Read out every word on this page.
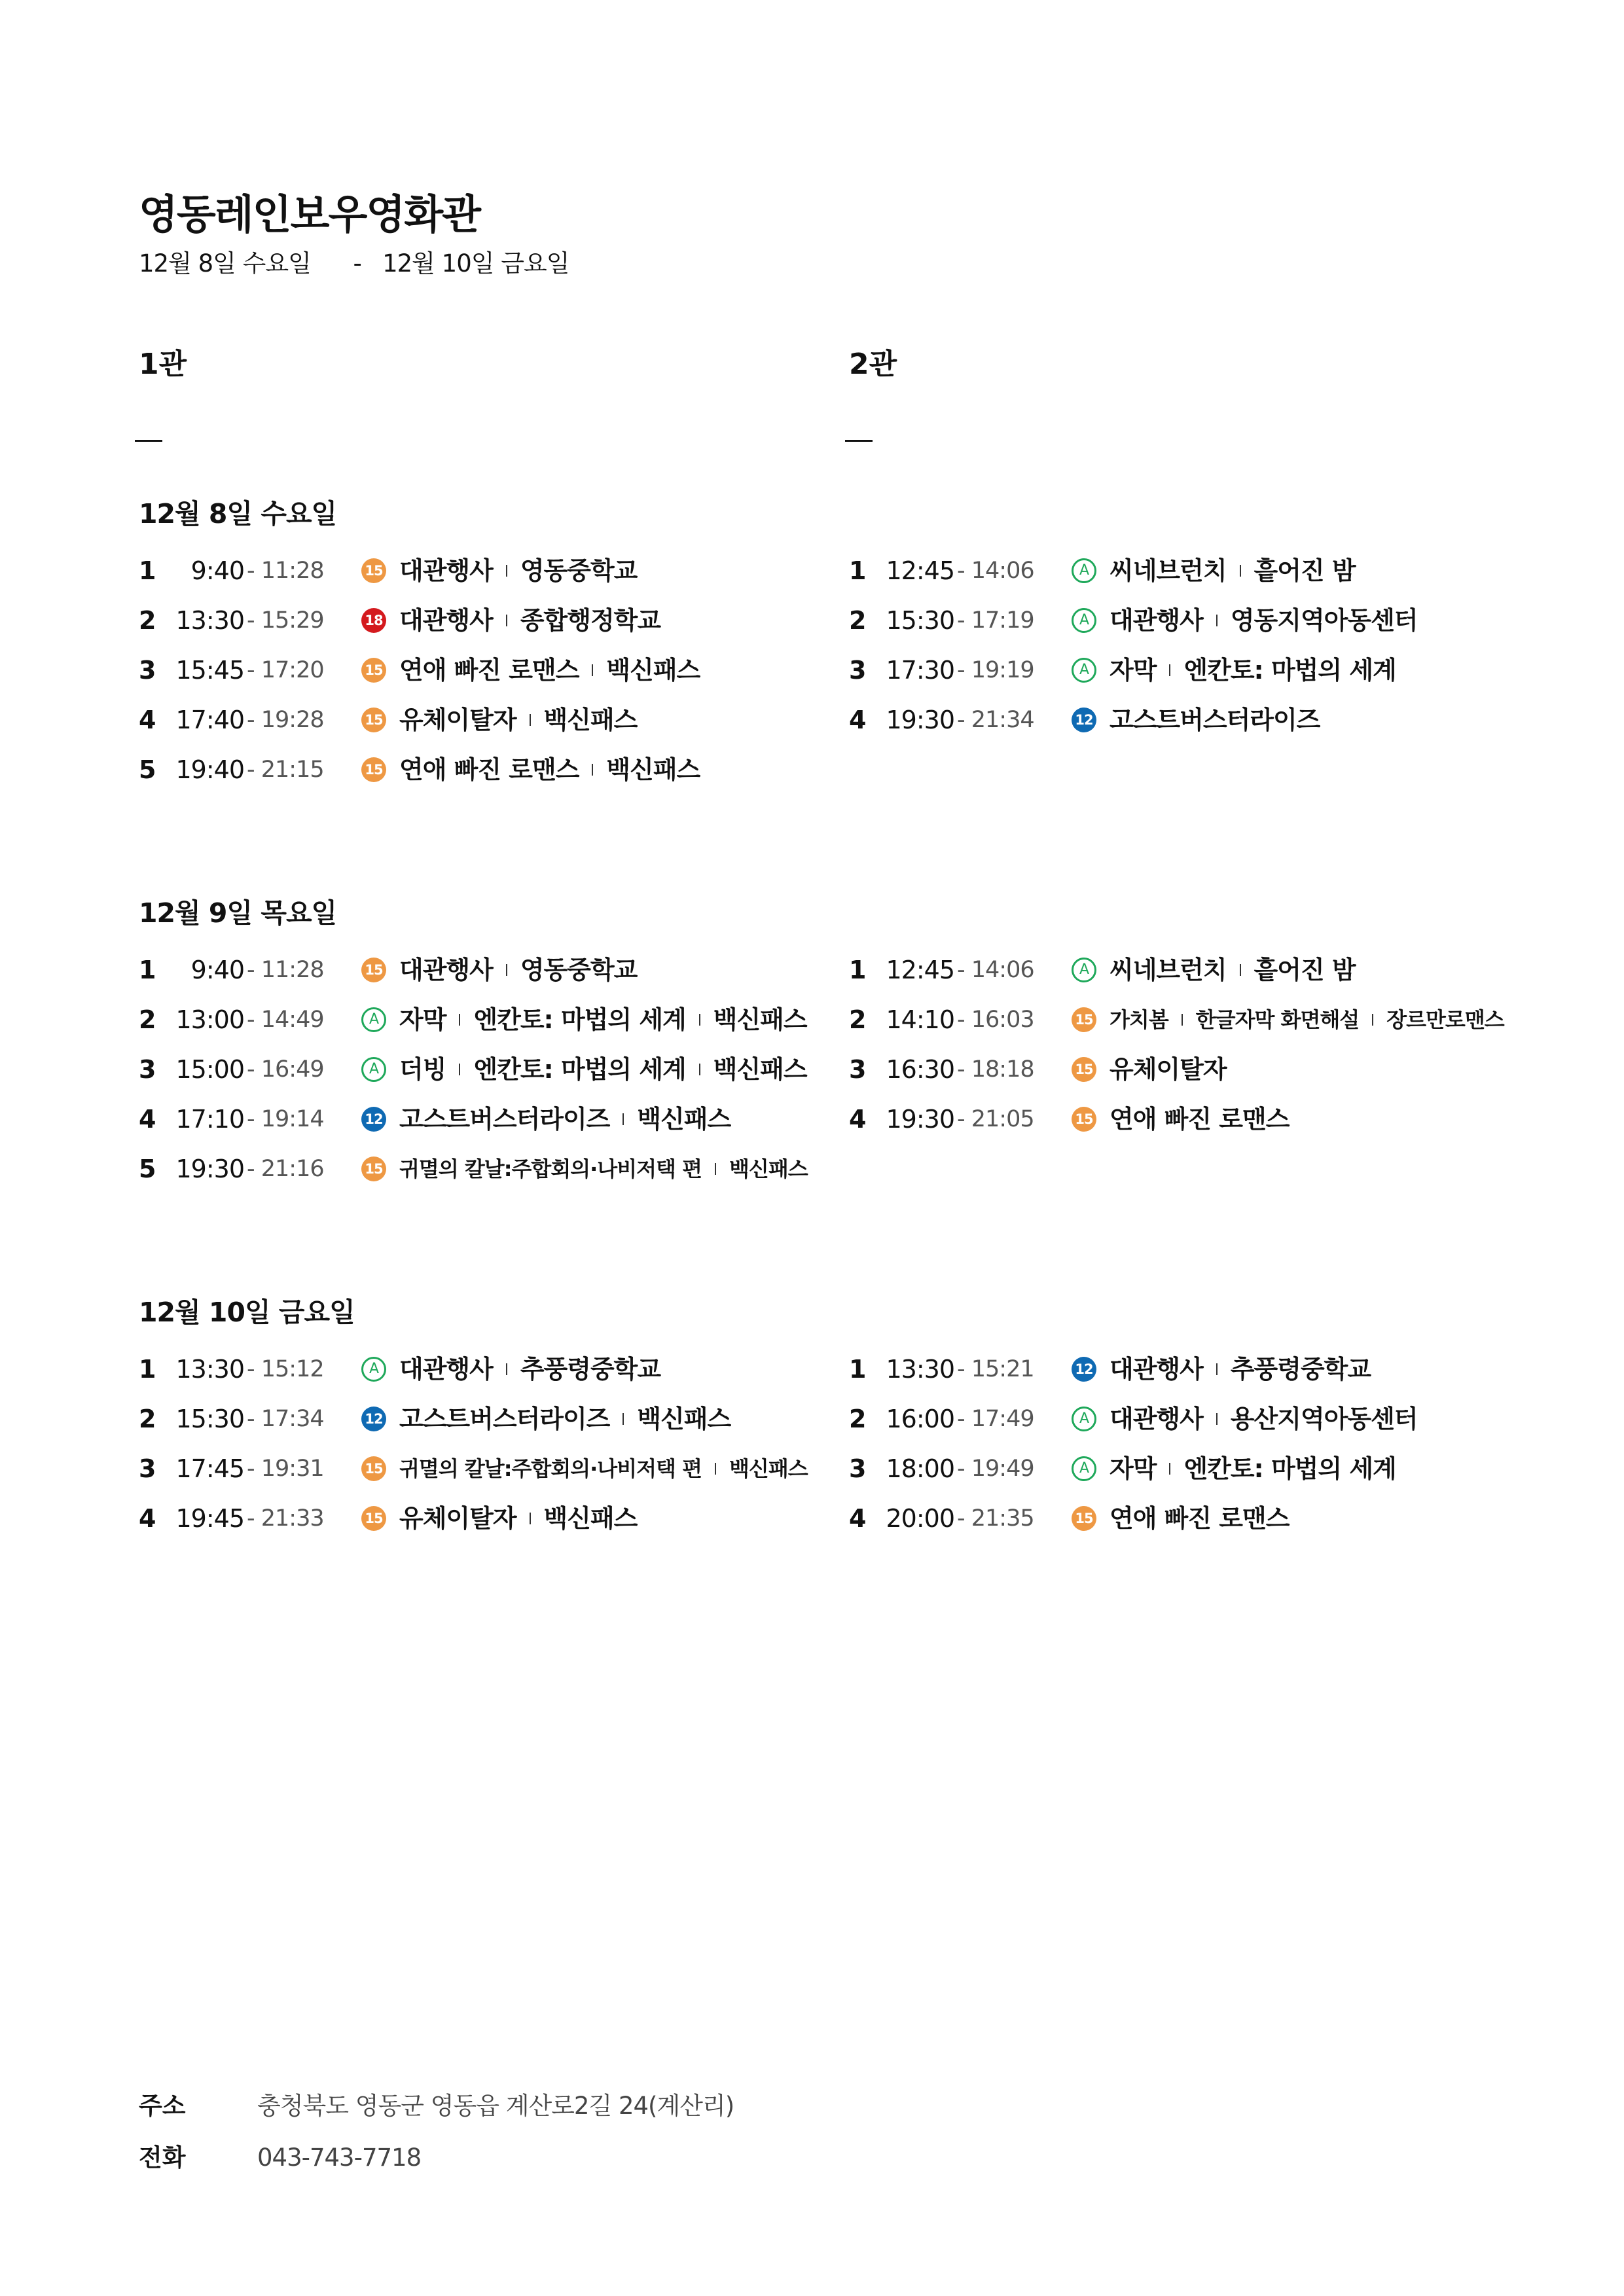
영동레인보우영화관
12월 8일 수요일 - 12월 10일 금요일
1관	2관
12월 8일 수요일
1	9:40 - 11:28	15 대관행사 영동중학교
2 13:30 - 15:29	18 대관행사 종합행정학교
3 15:45 - 17:20	15 연애 빠진 로맨스 백신패스
4 17:40 - 19:28	15 유체이탈자 백신패스
5 19:40 - 21:15	15 연애 빠진 로맨스 백신패스
1 12:45 - 14:06	A 씨네브런치 흩어진 밤
2 15:30 - 17:19	A 대관행사 영동지역아동센터
3 17:30 - 19:19	A 자막 엔칸토: 마법의 세계
4 19:30 - 21:34	12 고스트버스터라이즈
12월 9일 목요일
1	9:40 - 11:28	15 대관행사 영동중학교
2 13:00 - 14:49	A 자막 엔칸토: 마법의 세계 백신패스
3 15:00 - 16:49	A 더빙 엔칸토: 마법의 세계 백신패스
4 17:10 - 19:14	12 고스트버스터라이즈 백신패스
5 19:30 - 21:16	15 귀멸의 칼날:주합회의·나비저택 편 백신패스
1 12:45 - 14:06	A 씨네브런치 흩어진 밤
2 14:10 - 16:03	15 가치봄 한글자막 화면해설 장르만로맨스
3 16:30 - 18:18	15 유체이탈자
4 19:30 - 21:05	15 연애 빠진 로맨스
12월 10일 금요일
1 13:30 - 15:12	A 대관행사 추풍령중학교
2 15:30 - 17:34	12 고스트버스터라이즈 백신패스
3 17:45 - 19:31	15 귀멸의 칼날:주합회의·나비저택 편 백신패스
4 19:45 - 21:33	15 유체이탈자 백신패스
1 13:30 - 15:21	12 대관행사 추풍령중학교
2 16:00 - 17:49	A 대관행사 용산지역아동센터
3 18:00 - 19:49	A 자막 엔칸토: 마법의 세계
4 20:00 - 21:35	15 연애 빠진 로맨스
주소	충청북도 영동군 영동읍 계산로2길 24(계산리)
전화	043-743-7718
